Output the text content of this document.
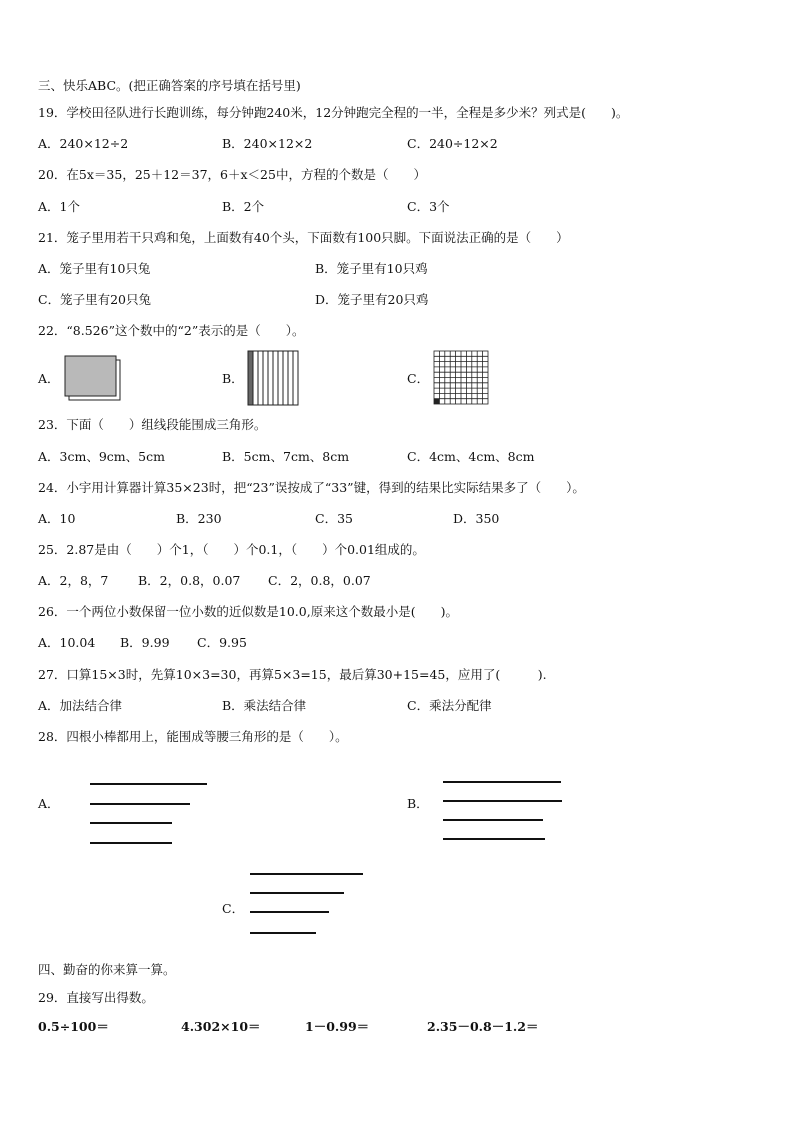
三、快乐ABC。(把正确答案的序号填在括号里)
19．学校田径队进行长跑训练，每分钟跑240米，12分钟跑完全程的一半，全程是多少米？列式是(　　)。
A．240×12÷2	B．240×12×2	C．240÷12×2
20．在5x＝35，25＋12＝37，6＋x＜25中，方程的个数是（　　）
A．1个	B．2个	C．3个
21．笼子里用若干只鸡和兔，上面数有40个头，下面数有100只脚。下面说法正确的是（　　）
A．笼子里有10只兔	B．笼子里有10只鸡
C．笼子里有20只兔	D．笼子里有20只鸡
22．“8.526”这个数中的“2”表示的是（　　）。
A．	B．	C．
23．下面（　　）组线段能围成三角形。
A．3cm、9cm、5cm	B．5cm、7cm、8cm	C．4cm、4cm、8cm
24．小宇用计算器计算35×23时，把“23”误按成了“33”键，得到的结果比实际结果多了（　　）。
A．10	B．230	C．35	D．350
25．2.87是由（　　）个1，（　　）个0.1，（　　）个0.01组成的。
A．2，8，7 B．2，0.8，0.07 C．2，0.8，0.07
26．一个两位小数保留一位小数的近似数是10.0,原来这个数最小是(　　)。
A．10.04 B．9.99 C．9.95
27．口算15×3时，先算10×3=30，再算5×3=15，最后算30+15=45，应用了(　　　).
A．加法结合律	B．乘法结合律	C．乘法分配律
28．四根小棒都用上，能围成等腰三角形的是（　　）。
A．	B．
C．
四、勤奋的你来算一算。
29．直接写出得数。
0.5÷100＝	4.302×10＝	1－0.99＝	2.35－0.8－1.2＝
